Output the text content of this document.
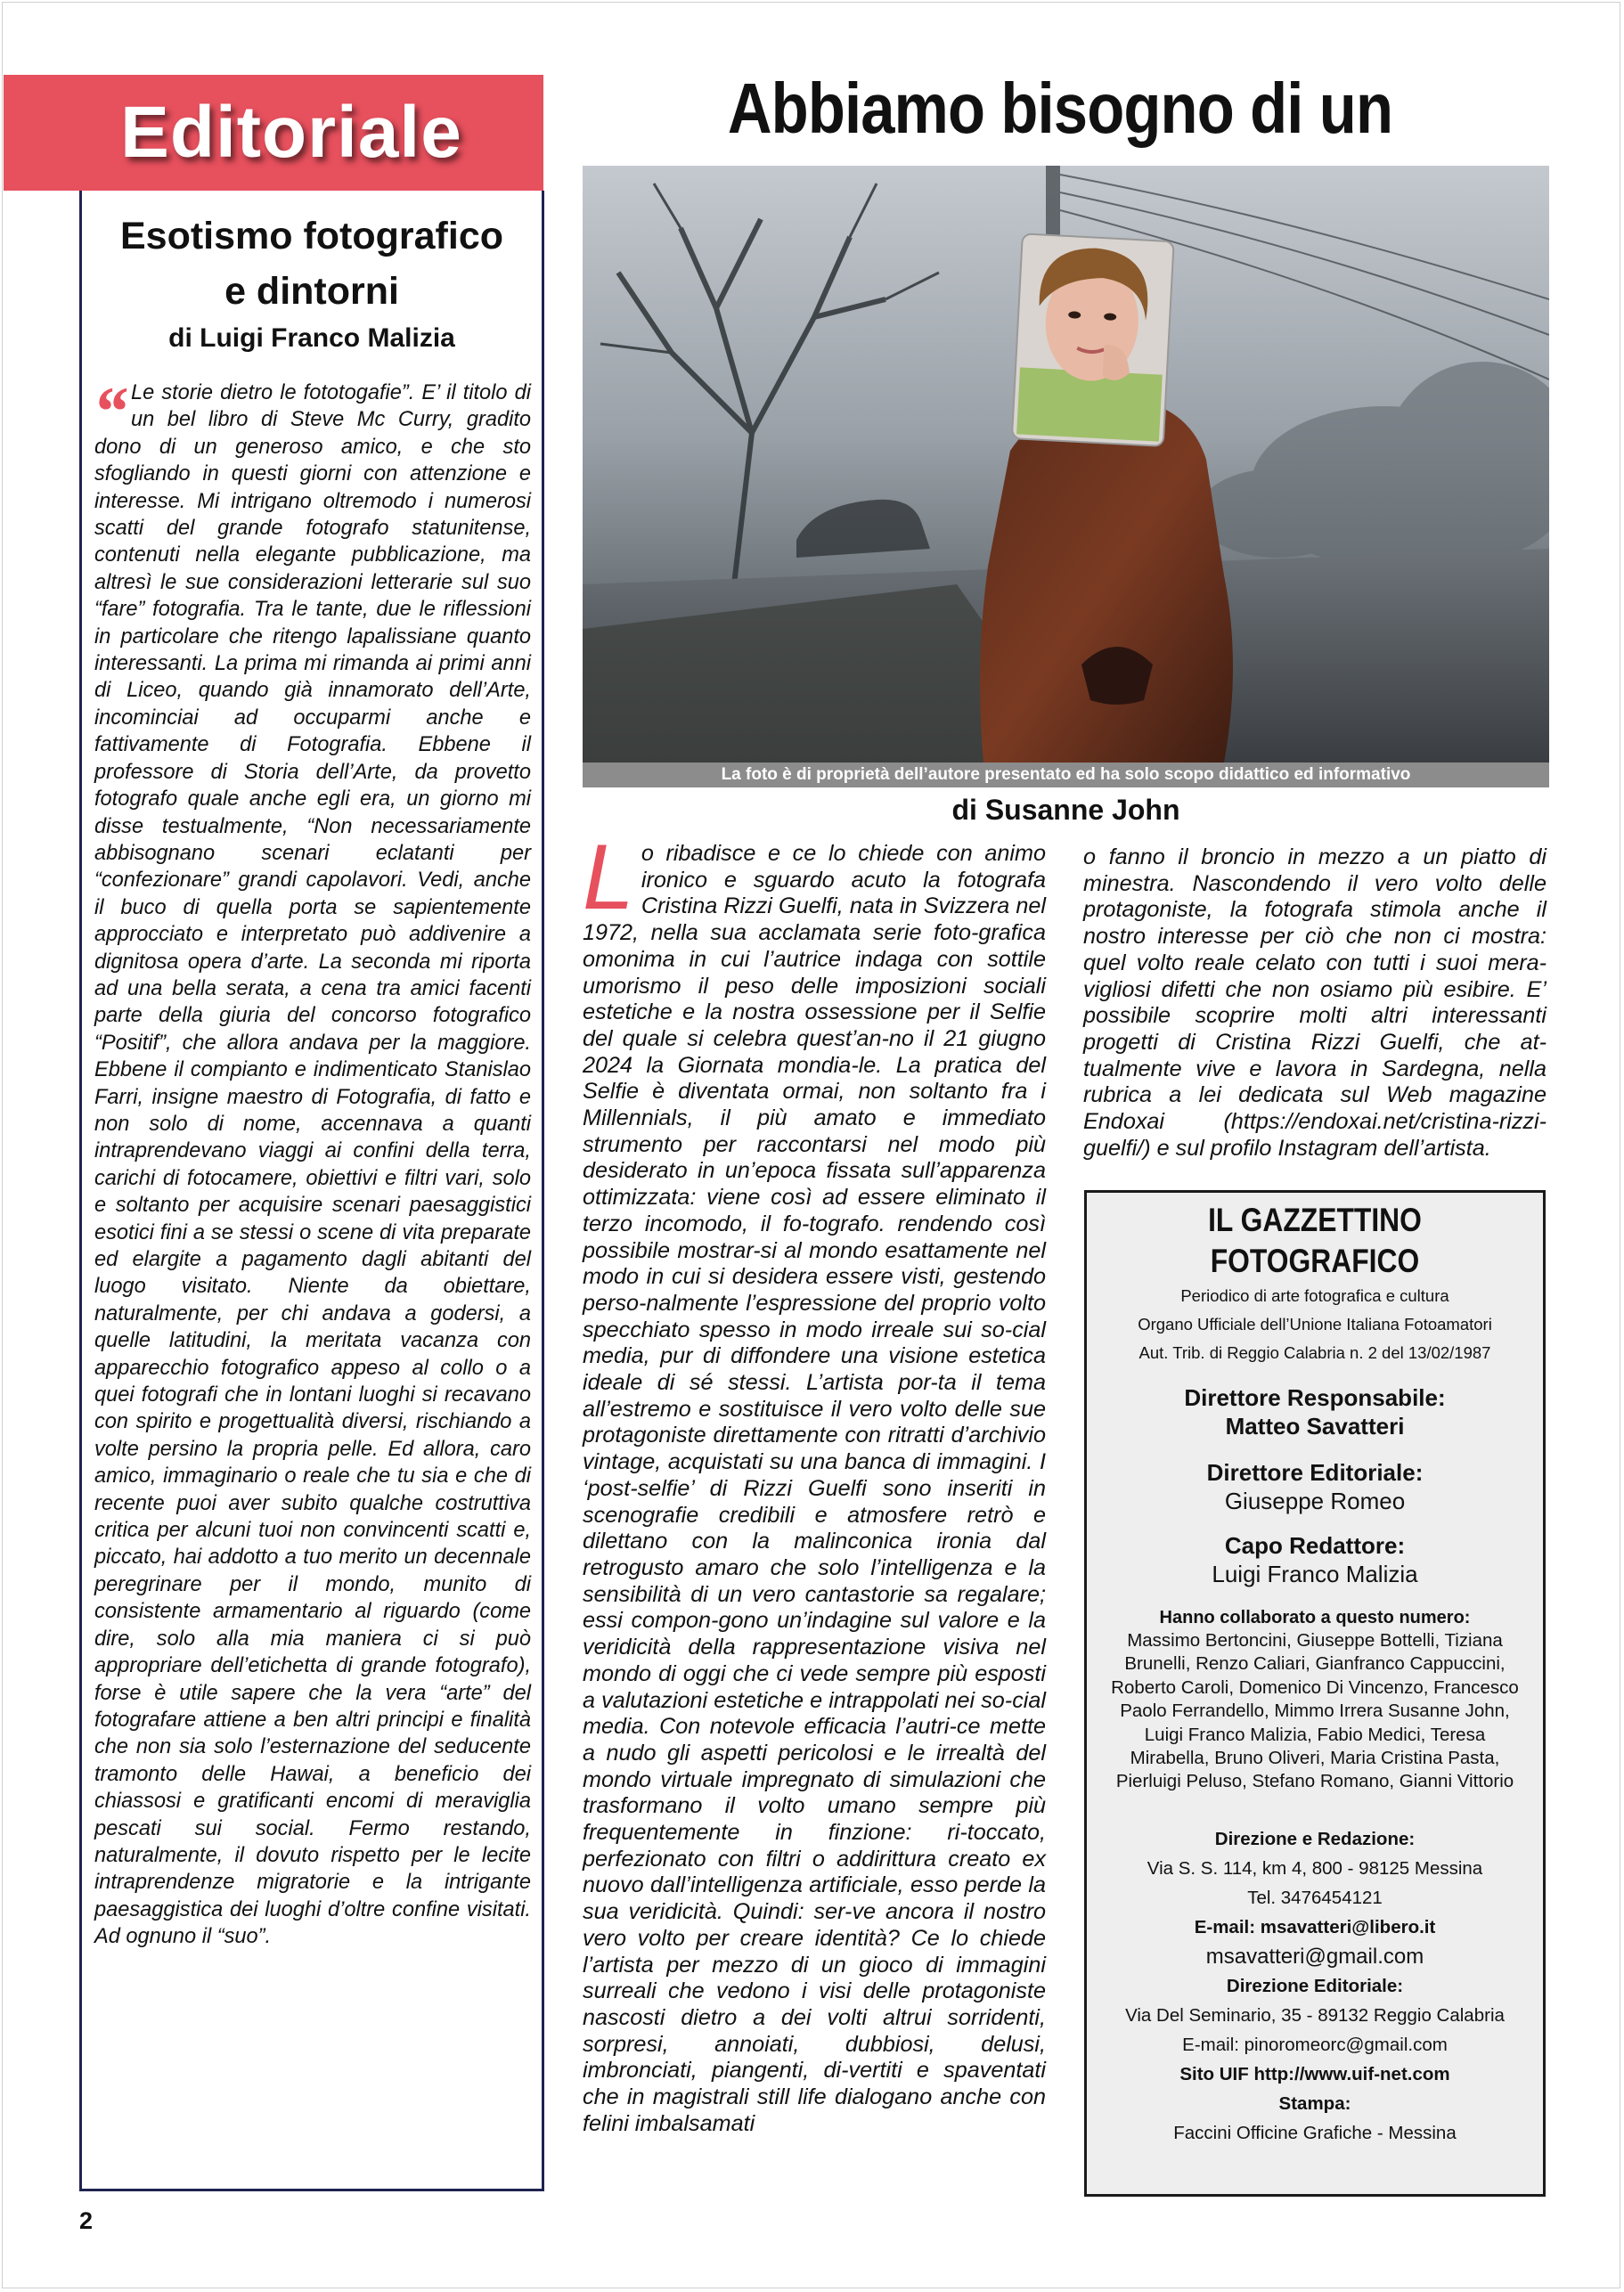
Editoriale
Esotismo fotografico
e dintorni
di Luigi Franco Malizia
“ Le storie dietro le fototogafie”. E’ il titolo di un bel libro di Steve Mc Curry, gradito dono di un generoso amico, e che sto sfogliando in questi giorni con attenzione e interesse. Mi intrigano oltremodo i numerosi scatti del grande fotografo statunitense, contenuti nella elegante pubblicazione, ma altresì le sue considerazioni letterarie sul suo “fare” fotografia. Tra le tante, due le riflessioni in particolare che ritengo lapalissiane quanto interessanti. La prima mi rimanda ai primi anni di Liceo, quando già innamorato dell’Arte, incominciai ad occuparmi anche e fattivamente di Fotografia. Ebbene il professore di Storia dell’Arte, da provetto fotografo quale anche egli era, un giorno mi disse testualmente, “Non necessariamente abbisognano scenari eclatanti per “confezionare” grandi capolavori. Vedi, anche il buco di quella porta se sapientemente approcciato e interpretato può addivenire a dignitosa opera d’arte. La seconda mi riporta ad una bella serata, a cena tra amici facenti parte della giuria del concorso fotografico “Positif”, che allora andava per la maggiore. Ebbene il compianto e indimenticato Stanislao Farri, insigne maestro di Fotografia, di fatto e non solo di nome, accennava a quanti intraprendevano viaggi ai confini della terra, carichi di fotocamere, obiettivi e filtri vari, solo e soltanto per acquisire scenari paesaggistici esotici fini a se stessi o scene di vita preparate ed elargite a pagamento dagli abitanti del luogo visitato. Niente da obiettare, naturalmente, per chi andava a godersi, a quelle latitudini, la meritata vacanza con apparecchio fotografico appeso al collo o a quei fotografi che in lontani luoghi si recavano con spirito e progettualità diversi, rischiando a volte persino la propria pelle. Ed allora, caro amico, immaginario o reale che tu sia e che di recente puoi aver subito qualche costruttiva critica per alcuni tuoi non convincenti scatti e, piccato, hai addotto a tuo merito un decennale peregrinare per il mondo, munito di consistente armamentario al riguardo (come dire, solo alla mia maniera ci si può appropriare dell’etichetta di grande fotografo), forse è utile sapere che la vera “arte” del fotografare attiene a ben altri principi e finalità che non sia solo l’esternazione del seducente tramonto delle Hawai, a beneficio dei chiassosi e gratificanti encomi di meraviglia pescati sui social. Fermo restando, naturalmente, il dovuto rispetto per le lecite intraprendenze migratorie e la intrigante paesaggistica dei luoghi d’oltre confine visitati. Ad ognuno il “suo”.
Abbiamo bisogno di un
La foto è di proprietà dell’autore presentato ed ha solo scopo didattico ed informativo
di Susanne John
L o ribadisce e ce lo chiede con animo ironico e sguardo acuto la fotografa Cristina Rizzi Guelfi, nata in Svizzera nel 1972, nella sua acclamata serie foto-grafica omonima in cui l’autrice indaga con sottile umorismo il peso delle imposizioni sociali estetiche e la nostra ossessione per il Selfie del quale si celebra quest’an-no il 21 giugno 2024 la Giornata mondia-le. La pratica del Selfie è diventata ormai, non soltanto fra i Millennials, il più amato e immediato strumento per raccontarsi nel modo più desiderato in un’epoca fissata sull’apparenza ottimizzata: viene così ad essere eliminato il terzo incomodo, il fo-tografo. rendendo così possibile mostrar-si al mondo esattamente nel modo in cui si desidera essere visti, gestendo perso-nalmente l’espressione del proprio volto specchiato spesso in modo irreale sui so-cial media, pur di diffondere una visione estetica ideale di sé stessi. L’artista por-ta il tema all’estremo e sostituisce il vero volto delle sue protagoniste direttamente con ritratti d’archivio vintage, acquistati su una banca di immagini. I ‘post-selfie’ di Rizzi Guelfi sono inseriti in scenografie credibili e atmosfere retrò e dilettano con la malinconica ironia dal retrogusto amaro che solo l’intelligenza e la sensibilità di un vero cantastorie sa regalare; essi compon-gono un’indagine sul valore e la veridicità della rappresentazione visiva nel mondo di oggi che ci vede sempre più esposti a valutazioni estetiche e intrappolati nei so-cial media. Con notevole efficacia l’autri-ce mette a nudo gli aspetti pericolosi e le irrealtà del mondo virtuale impregnato di simulazioni che trasformano il volto umano sempre più frequentemente in finzione: ri-toccato, perfezionato con filtri o addirittura creato ex nuovo dall’intelligenza artificiale, esso perde la sua veridicità. Quindi: ser-ve ancora il nostro vero volto per creare identità? Ce lo chiede l’artista per mezzo di un gioco di immagini surreali che vedono i visi delle protagoniste nascosti dietro a dei volti altrui sorridenti, sorpresi, annoiati, dubbiosi, delusi, imbronciati, piangenti, di-vertiti e spaventati che in magistrali still life dialogano anche con felini imbalsamati
o fanno il broncio in mezzo a un piatto di minestra. Nascondendo il vero volto delle protagoniste, la fotografa stimola anche il nostro interesse per ciò che non ci mostra: quel volto reale celato con tutti i suoi mera-vigliosi difetti che non osiamo più esibire. E’ possibile scoprire molti altri interessanti progetti di Cristina Rizzi Guelfi, che at-tualmente vive e lavora in Sardegna, nella rubrica a lei dedicata sul Web magazine Endoxai (https://endoxai.net/cristina-rizzi-guelfi/) e sul profilo Instagram dell’artista.
IL GAZZETTINO FOTOGRAFICO
Periodico di arte fotografica e cultura
Organo Ufficiale dell’Unione Italiana Fotoamatori
Aut. Trib. di Reggio Calabria n. 2 del 13/02/1987
Direttore Responsabile:
Matteo Savatteri
Direttore Editoriale:
Giuseppe Romeo
Capo Redattore:
Luigi Franco Malizia
Hanno collaborato a questo numero:
Massimo Bertoncini, Giuseppe Bottelli, Tiziana Brunelli, Renzo Caliari, Gianfranco Cappuccini, Roberto Caroli, Domenico Di Vincenzo, Francesco Paolo Ferrandello, Mimmo Irrera Susanne John, Luigi Franco Malizia, Fabio Medici, Teresa Mirabella, Bruno Oliveri, Maria Cristina Pasta, Pierluigi Peluso, Stefano Romano, Gianni Vittorio
Direzione e Redazione:
Via S. S. 114, km 4, 800 - 98125 Messina
Tel. 3476454121
E-mail: msavatteri@libero.it
msavatteri@gmail.com
Direzione Editoriale:
Via Del Seminario, 35 - 89132 Reggio Calabria
E-mail: pinoromeorc@gmail.com
Sito UIF http://www.uif-net.com
Stampa:
Faccini Officine Grafiche - Messina
2
